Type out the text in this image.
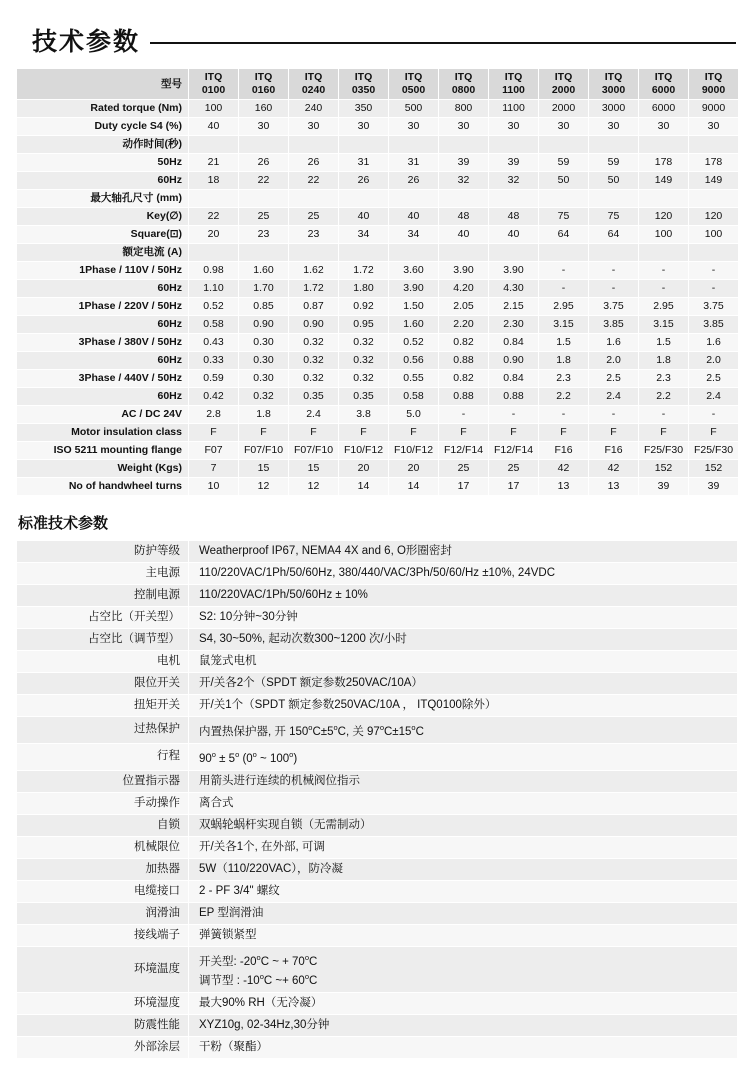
技术参数
型号	ITQ 0100	ITQ 0160	ITQ 0240	ITQ 0350	ITQ 0500	ITQ 0800	ITQ 1100	ITQ 2000	ITQ 3000	ITQ 6000	ITQ 9000
Rated torque (Nm)	100	160	240	350	500	800	1100	2000	3000	6000	9000
Duty cycle S4 (%)	40	30	30	30	30	30	30	30	30	30	30
动作时间(秒)											
50Hz	21	26	26	31	31	39	39	59	59	178	178
60Hz	18	22	22	26	26	32	32	50	50	149	149
最大轴孔尺寸 (mm)											
Key(∅)	22	25	25	40	40	48	48	75	75	120	120
Square(⊡)	20	23	23	34	34	40	40	64	64	100	100
额定电流 (A)											
1Phase / 110V / 50Hz	0.98	1.60	1.62	1.72	3.60	3.90	3.90	-	-	-	-
60Hz	1.10	1.70	1.72	1.80	3.90	4.20	4.30	-	-	-	-
1Phase / 220V / 50Hz	0.52	0.85	0.87	0.92	1.50	2.05	2.15	2.95	3.75	2.95	3.75
60Hz	0.58	0.90	0.90	0.95	1.60	2.20	2.30	3.15	3.85	3.15	3.85
3Phase / 380V / 50Hz	0.43	0.30	0.32	0.32	0.52	0.82	0.84	1.5	1.6	1.5	1.6
60Hz	0.33	0.30	0.32	0.32	0.56	0.88	0.90	1.8	2.0	1.8	2.0
3Phase / 440V / 50Hz	0.59	0.30	0.32	0.32	0.55	0.82	0.84	2.3	2.5	2.3	2.5
60Hz	0.42	0.32	0.35	0.35	0.58	0.88	0.88	2.2	2.4	2.2	2.4
AC / DC 24V	2.8	1.8	2.4	3.8	5.0	-	-	-	-	-	-
Motor insulation class	F	F	F	F	F	F	F	F	F	F	F
ISO 5211 mounting flange	F07	F07/F10	F07/F10	F10/F12	F10/F12	F12/F14	F12/F14	F16	F16	F25/F30	F25/F30
Weight (Kgs)	7	15	15	20	20	25	25	42	42	152	152
No of handwheel turns	10	12	12	14	14	17	17	13	13	39	39
标准技术参数
防护等级	Weatherproof IP67, NEMA4 4X and 6, O形圈密封
主电源	110/220VAC/1Ph/50/60Hz, 380/440/VAC/3Ph/50/60/Hz ±10%, 24VDC
控制电源	110/220VAC/1Ph/50/60Hz ± 10%
占空比（开关型）	S2: 10分钟~30分钟
占空比（调节型）	S4, 30~50%, 起动次数300~1200 次/小时
电机	鼠笼式电机
限位开关	开/关各2个（SPDT 额定参数250VAC/10A）
扭矩开关	开/关1个（SPDT 额定参数250VAC/10A ， ITQ0100除外）
过热保护	内置热保护器, 开 $150^oC\pm 5^oC$, 关 $97^oC\pm 15^oC$
行程	$90^o \pm 5^o$ (0$^o$ ~ 100$^o$)
位置指示器	用箭头进行连续的机械阀位指示
手动操作	离合式
自锁	双蜗轮蜗杆实现自锁（无需制动）
机械限位	开/关各1个, 在外部, 可调
加热器	5W（110/220VAC），防冷凝
电缆接口	2 - PF 3/4" 螺纹
润滑油	EP 型润滑油
接线端子	弹簧锁紧型
环境温度	开关型: -20$^o$C ~ + $70^oC$
调节型 : -10$^o$C ~+ $60^oC$

环境湿度	最大90% RH（无冷凝）
防震性能	XYZ10g, 02-34Hz,30分钟
外部涂层	干粉（聚酯）
